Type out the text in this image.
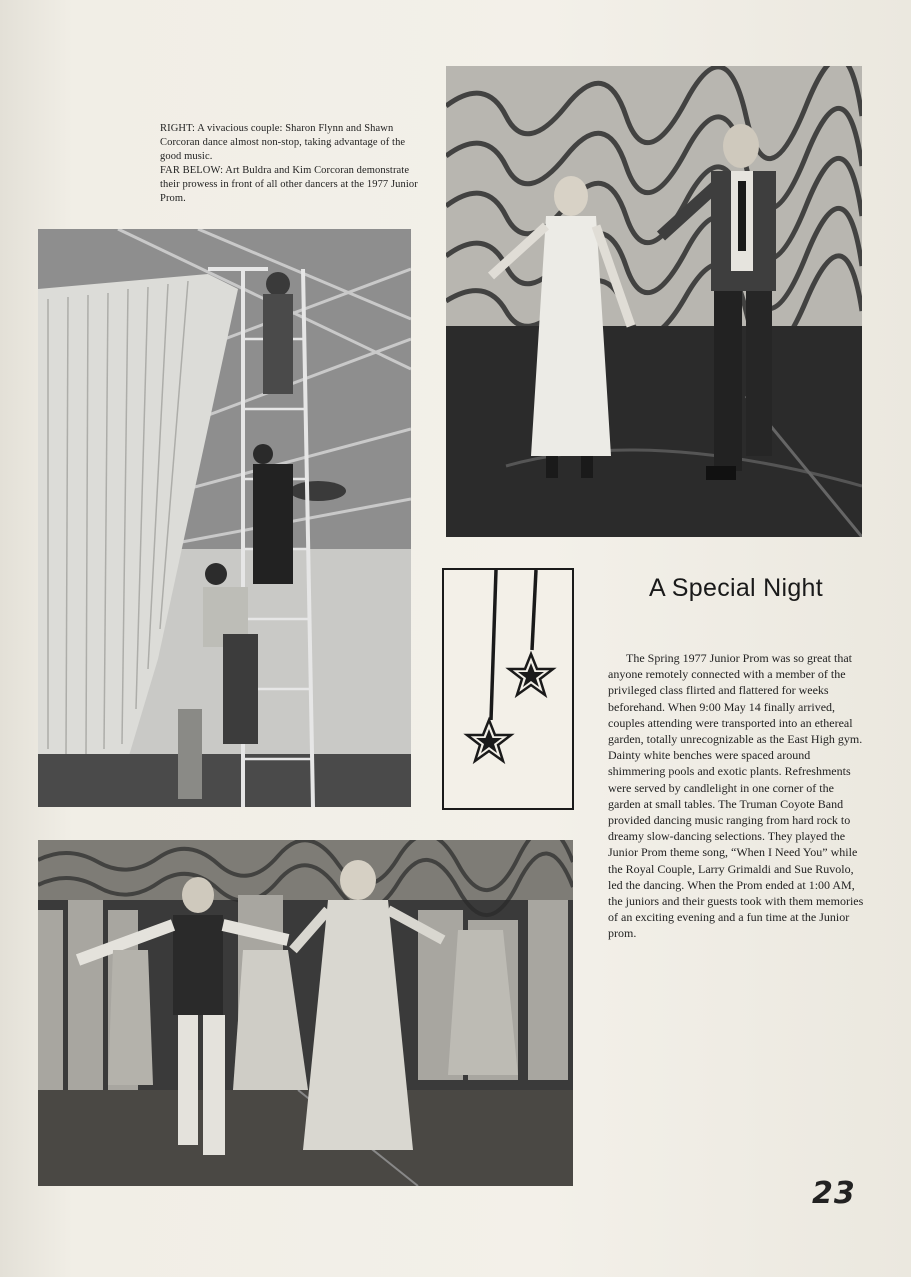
RIGHT: A vivacious couple: Sharon Flynn and Shawn Corcoran dance almost non-stop, taking advantage of the good music.

FAR BELOW: Art Buldra and Kim Corcoran demonstrate their prowess in front of all other dancers at the 1977 Junior Prom.

A Special Night

The Spring 1977 Junior Prom was so great that anyone remotely connected with a member of the privileged class flirted and flattered for weeks beforehand. When 9:00 May 14 finally arrived, couples attending were transported into an ethereal garden, totally unrecognizable as the East High gym. Dainty white benches were spaced around shimmering pools and exotic plants. Refreshments were served by candlelight in one corner of the garden at small tables. The Truman Coyote Band provided dancing music ranging from hard rock to dreamy slow-dancing selections. They played the Junior Prom theme song, “When I Need You” while the Royal Couple, Larry Grimaldi and Sue Ruvolo, led the dancing. When the Prom ended at 1:00 AM, the juniors and their guests took with them memories of an exciting evening and a fun time at the Junior prom.

23
